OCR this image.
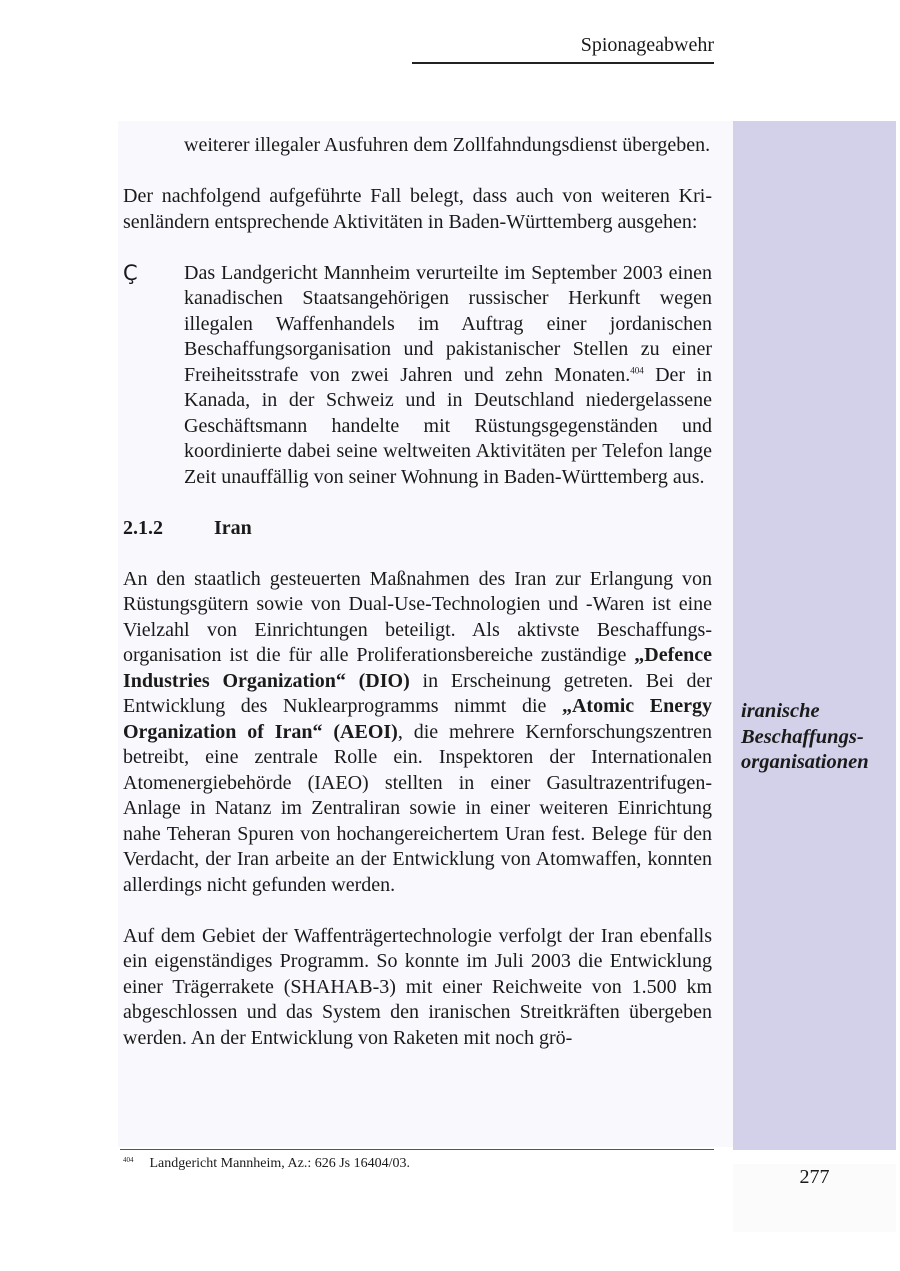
Spionageabwehr
iranische Beschaffungsorganisationen

weiterer illegaler Ausfuhren dem Zollfahndungsdienst übergeben.

Der nachfolgend aufgeführte Fall belegt, dass auch von weiteren Krisenländern entsprechende Aktivitäten in Baden-Württemberg ausgehen:

Ç Das Landgericht Mannheim verurteilte im September 2003 einen kanadischen Staatsangehörigen russischer Herkunft wegen illegalen Waffenhandels im Auftrag einer jordanischen Beschaffungsorganisation und pakistanischer Stellen zu einer Freiheitsstrafe von zwei Jahren und zehn Monaten.$^{404}$ Der in Kanada, in der Schweiz und in Deutschland niedergelassene Geschäftsmann handelte mit Rüstungsgegenständen und koordinierte dabei seine weltweiten Aktivitäten per Telefon lange Zeit unauffällig von seiner Wohnung in Baden-Württemberg aus.

2.1.2	Iran

An den staatlich gesteuerten Maßnahmen des Iran zur Erlangung von Rüstungsgütern sowie von Dual-Use-Technologien und -Waren ist eine Vielzahl von Einrichtungen beteiligt. Als aktivste Beschaffungsorganisation ist die für alle Proliferationsbereiche zuständige „Defence Industries Organization“ (DIO) in Erscheinung getreten. Bei der Entwicklung des Nuklearprogramms nimmt die „Atomic Energy Organization of Iran“ (AEOI), die mehrere Kernforschungszentren betreibt, eine zentrale Rolle ein. Inspektoren der Internationalen Atomenergiebehörde (IAEO) stellten in einer Gasultrazentrifugen-Anlage in Natanz im Zentraliran sowie in einer weiteren Einrichtung nahe Teheran Spuren von hochangereichertem Uran fest. Belege für den Verdacht, der Iran arbeite an der Entwicklung von Atomwaffen, konnten allerdings nicht gefunden werden.

Auf dem Gebiet der Waffenträgertechnologie verfolgt der Iran ebenfalls ein eigenständiges Programm. So konnte im Juli 2003 die Entwicklung einer Trägerrakete (SHAHAB-3) mit einer Reichweite von 1.500 km abgeschlossen und das System den iranischen Streitkräften übergeben werden. An der Entwicklung von Raketen mit noch grö-

$^{404}$ Landgericht Mannheim, Az.: 626 Js 16404/03.
277
